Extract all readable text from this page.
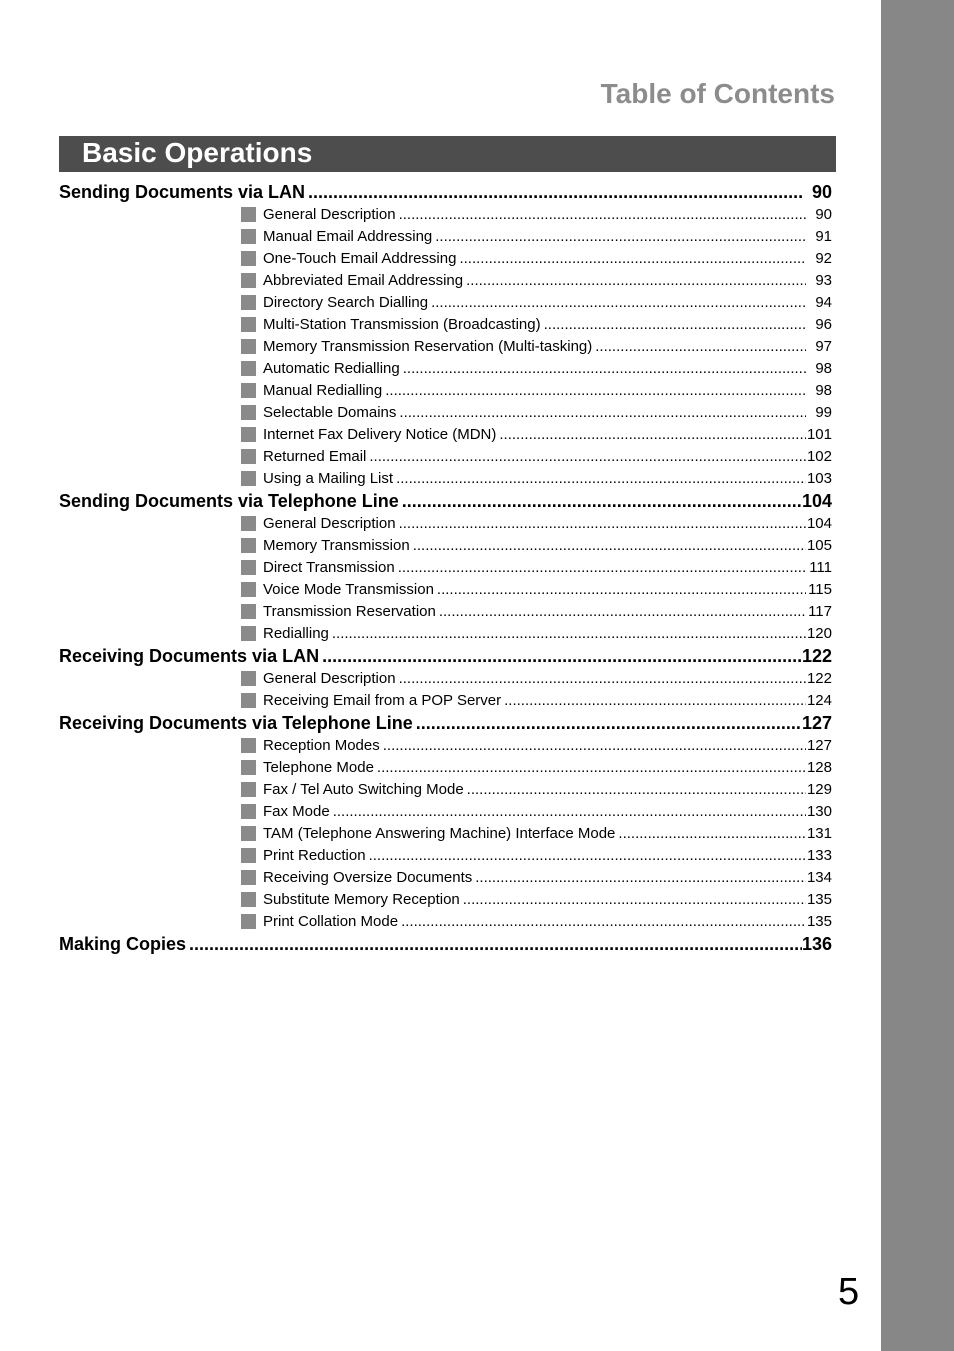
Table of Contents
Basic Operations
Sending Documents via LAN .....	90
General Description .....	90
Manual Email Addressing .....	91
One-Touch Email Addressing .....	92
Abbreviated Email Addressing .....	93
Directory Search Dialling .....	94
Multi-Station Transmission (Broadcasting) .....	96
Memory Transmission Reservation (Multi-tasking) .....	97
Automatic Redialling .....	98
Manual Redialling .....	98
Selectable Domains .....	99
Internet Fax Delivery Notice (MDN) .....	101
Returned Email .....	102
Using a Mailing List .....	103
Sending Documents via Telephone Line .....	104
General Description .....	104
Memory Transmission .....	105
Direct Transmission .....	111
Voice Mode Transmission .....	115
Transmission Reservation .....	117
Redialling .....	120
Receiving Documents via LAN .....	122
General Description .....	122
Receiving Email from a POP Server .....	124
Receiving Documents via Telephone Line .....	127
Reception Modes .....	127
Telephone Mode .....	128
Fax / Tel Auto Switching Mode .....	129
Fax Mode .....	130
TAM (Telephone Answering Machine) Interface Mode .....	131
Print Reduction .....	133
Receiving Oversize Documents .....	134
Substitute Memory Reception .....	135
Print Collation Mode .....	135
Making Copies .....	136
5
